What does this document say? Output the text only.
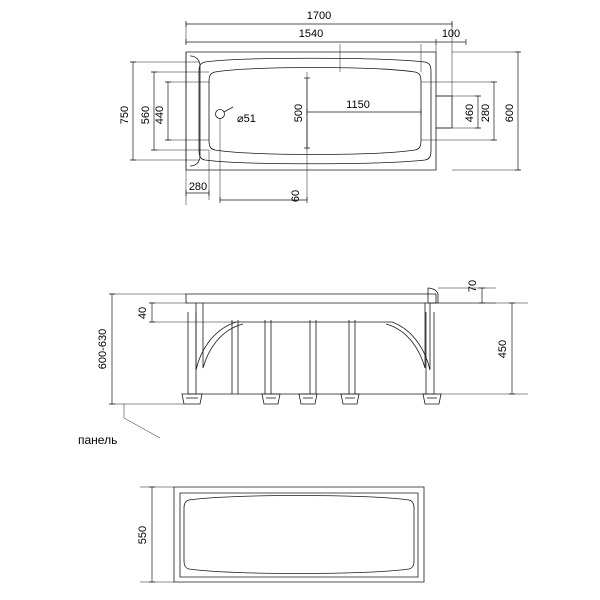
1700
1540	100
750 560 440	500	1150	280
460	600
280
60
⌀51
600-630
40
70
450
панель
550
